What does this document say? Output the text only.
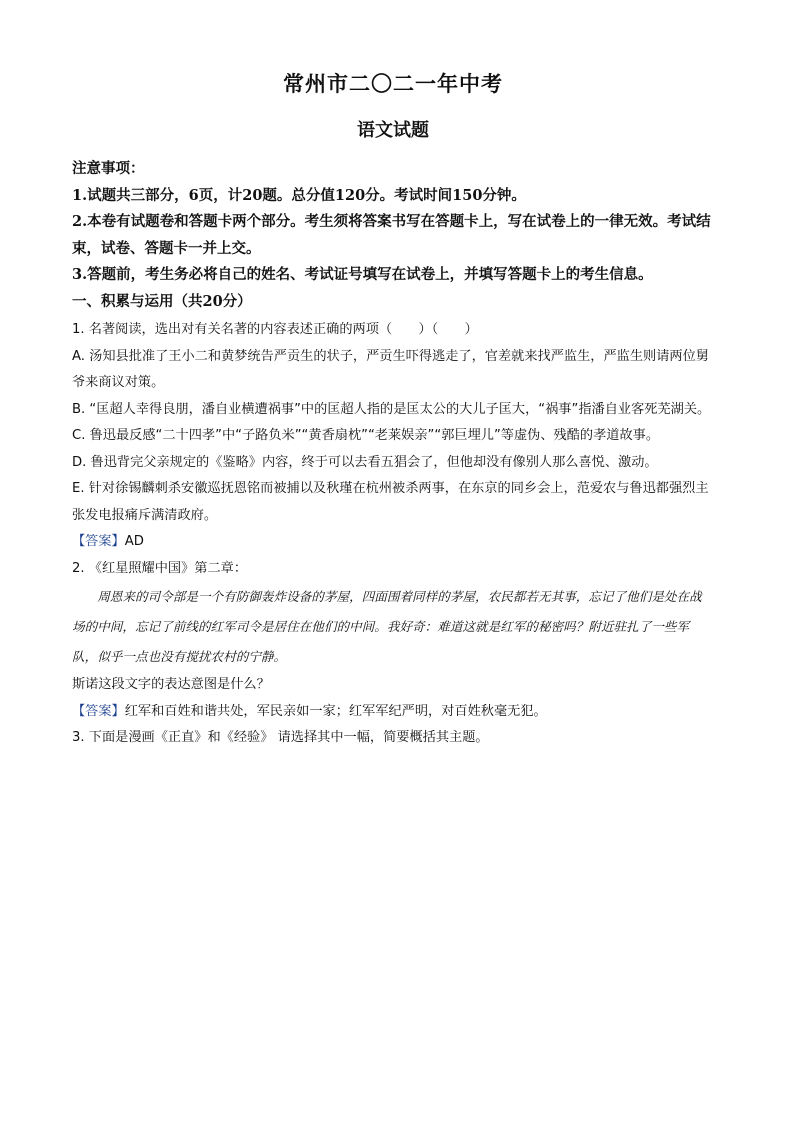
常州市二〇二一年中考
语文试题
注意事项：
1.试题共三部分，6页，计20题。总分值120分。考试时间150分钟。
2.本卷有试题卷和答题卡两个部分。考生须将答案书写在答题卡上，写在试卷上的一律无效。考试结束，试卷、答题卡一并上交。
3.答题前，考生务必将自己的姓名、考试证号填写在试卷上，并填写答题卡上的考生信息。
一、积累与运用（共20分）
1. 名著阅读，选出对有关名著的内容表述正确的两项（　　）（　　）
A. 汤知县批准了王小二和黄梦统告严贡生的状子，严贡生吓得逃走了，官差就来找严监生，严监生则请两位舅爷来商议对策。
B. “匡超人幸得良朋，潘自业横遭祸事”中的匡超人指的是匡太公的大儿子匡大，“祸事”指潘自业客死芜湖关。
C. 鲁迅最反感“二十四孝”中“子路负米”“黄香扇枕”“老莱娱亲”“郭巨埋儿”等虚伪、残酷的孝道故事。
D. 鲁迅背完父亲规定的《鉴略》内容，终于可以去看五猖会了，但他却没有像别人那么喜悦、激动。
E. 针对徐锡麟刺杀安徽巡抚恩铭而被捕以及秋瑾在杭州被杀两事，在东京的同乡会上，范爱农与鲁迅都强烈主张发电报痛斥满清政府。
【答案】AD
2. 《红星照耀中国》第二章：
周恩来的司令部是一个有防御轰炸设备的茅屋，四面围着同样的茅屋，农民都若无其事，忘记了他们是处在战场的中间，忘记了前线的红军司令是居住在他们的中间。我好奇：难道这就是红军的秘密吗？附近驻扎了一些军队，似乎一点也没有搅扰农村的宁静。
斯诺这段文字的表达意图是什么？
【答案】红军和百姓和谐共处，军民亲如一家；红军军纪严明，对百姓秋毫无犯。
3. 下面是漫画《正直》和《经验》 请选择其中一幅，简要概括其主题。
